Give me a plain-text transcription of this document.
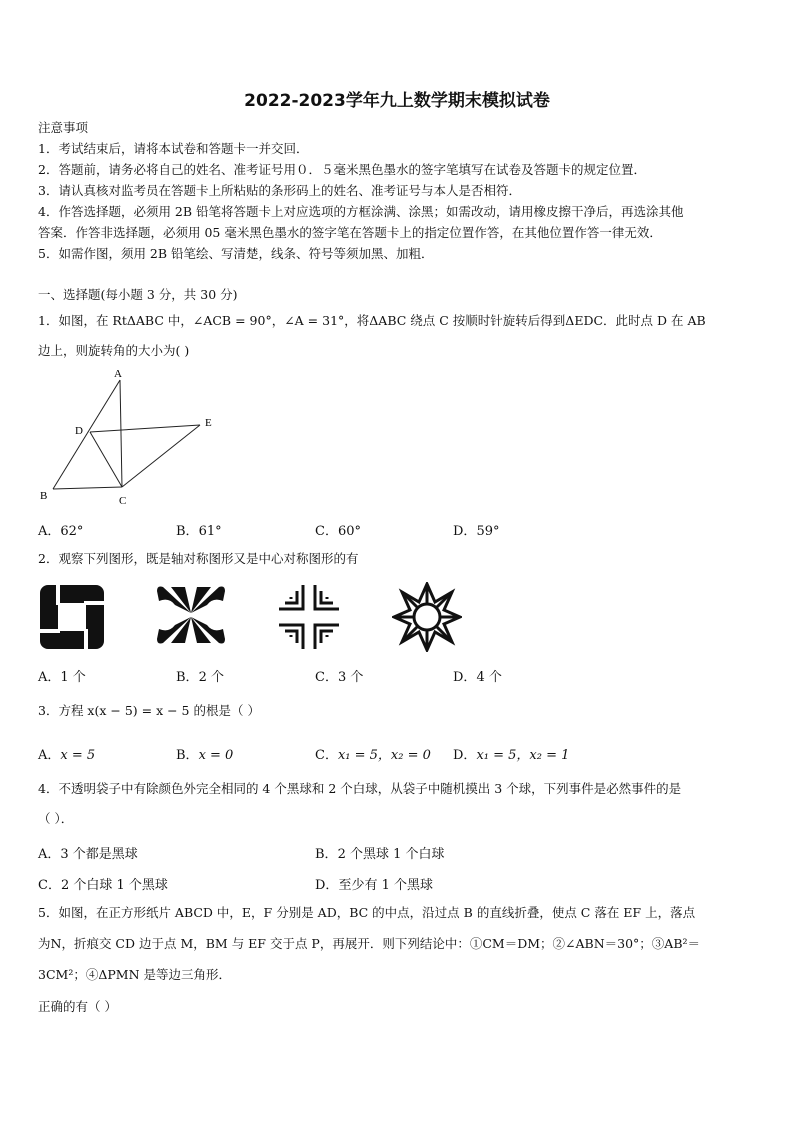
2022-2023学年九上数学期末模拟试卷
注意事项
1．考试结束后，请将本试卷和答题卡一并交回．
2．答题前，请务必将自己的姓名、准考证号用０．５毫米黑色墨水的签字笔填写在试卷及答题卡的规定位置．
3．请认真核对监考员在答题卡上所粘贴的条形码上的姓名、准考证号与本人是否相符．
4．作答选择题，必须用 2B 铅笔将答题卡上对应选项的方框涂满、涂黑；如需改动，请用橡皮擦干净后，再选涂其他
答案．作答非选择题，必须用 05 毫米黑色墨水的签字笔在答题卡上的指定位置作答，在其他位置作答一律无效．
5．如需作图，须用 2B 铅笔绘、写清楚，线条、符号等须加黑、加粗．
一、选择题(每小题 3 分，共 30 分)
1．如图，在 RtΔABC 中，∠ACB = 90°，∠A = 31°，将ΔABC 绕点 C 按顺时针旋转后得到ΔEDC．此时点 D 在 AB
边上，则旋转角的大小为( )
A
D
E
B	C
A．62°	B．61°	C．60°	D．59°
2．观察下列图形，既是轴对称图形又是中心对称图形的有
A．1 个	B．2 个	C．3 个	D．4 个
3．方程 x(x − 5) = x − 5 的根是（ ）
A．x = 5	B．x = 0	C．x₁ = 5，x₂ = 0 D．x₁ = 5，x₂ = 1
4．不透明袋子中有除颜色外完全相同的 4 个黑球和 2 个白球，从袋子中随机摸出 3 个球，下列事件是必然事件的是
（ ）．
A．3 个都是黑球	B．2 个黑球 1 个白球
C．2 个白球 1 个黑球	D．至少有 1 个黑球
5．如图，在正方形纸片 ABCD 中，E，F 分别是 AD，BC 的中点，沿过点 B 的直线折叠，使点 C 落在 EF 上，落点
为N，折痕交 CD 边于点 M，BM 与 EF 交于点 P，再展开．则下列结论中：①CM＝DM；②∠ABN＝30°；③AB²＝
3CM²；④ΔPMN 是等边三角形．
正确的有（ ）
